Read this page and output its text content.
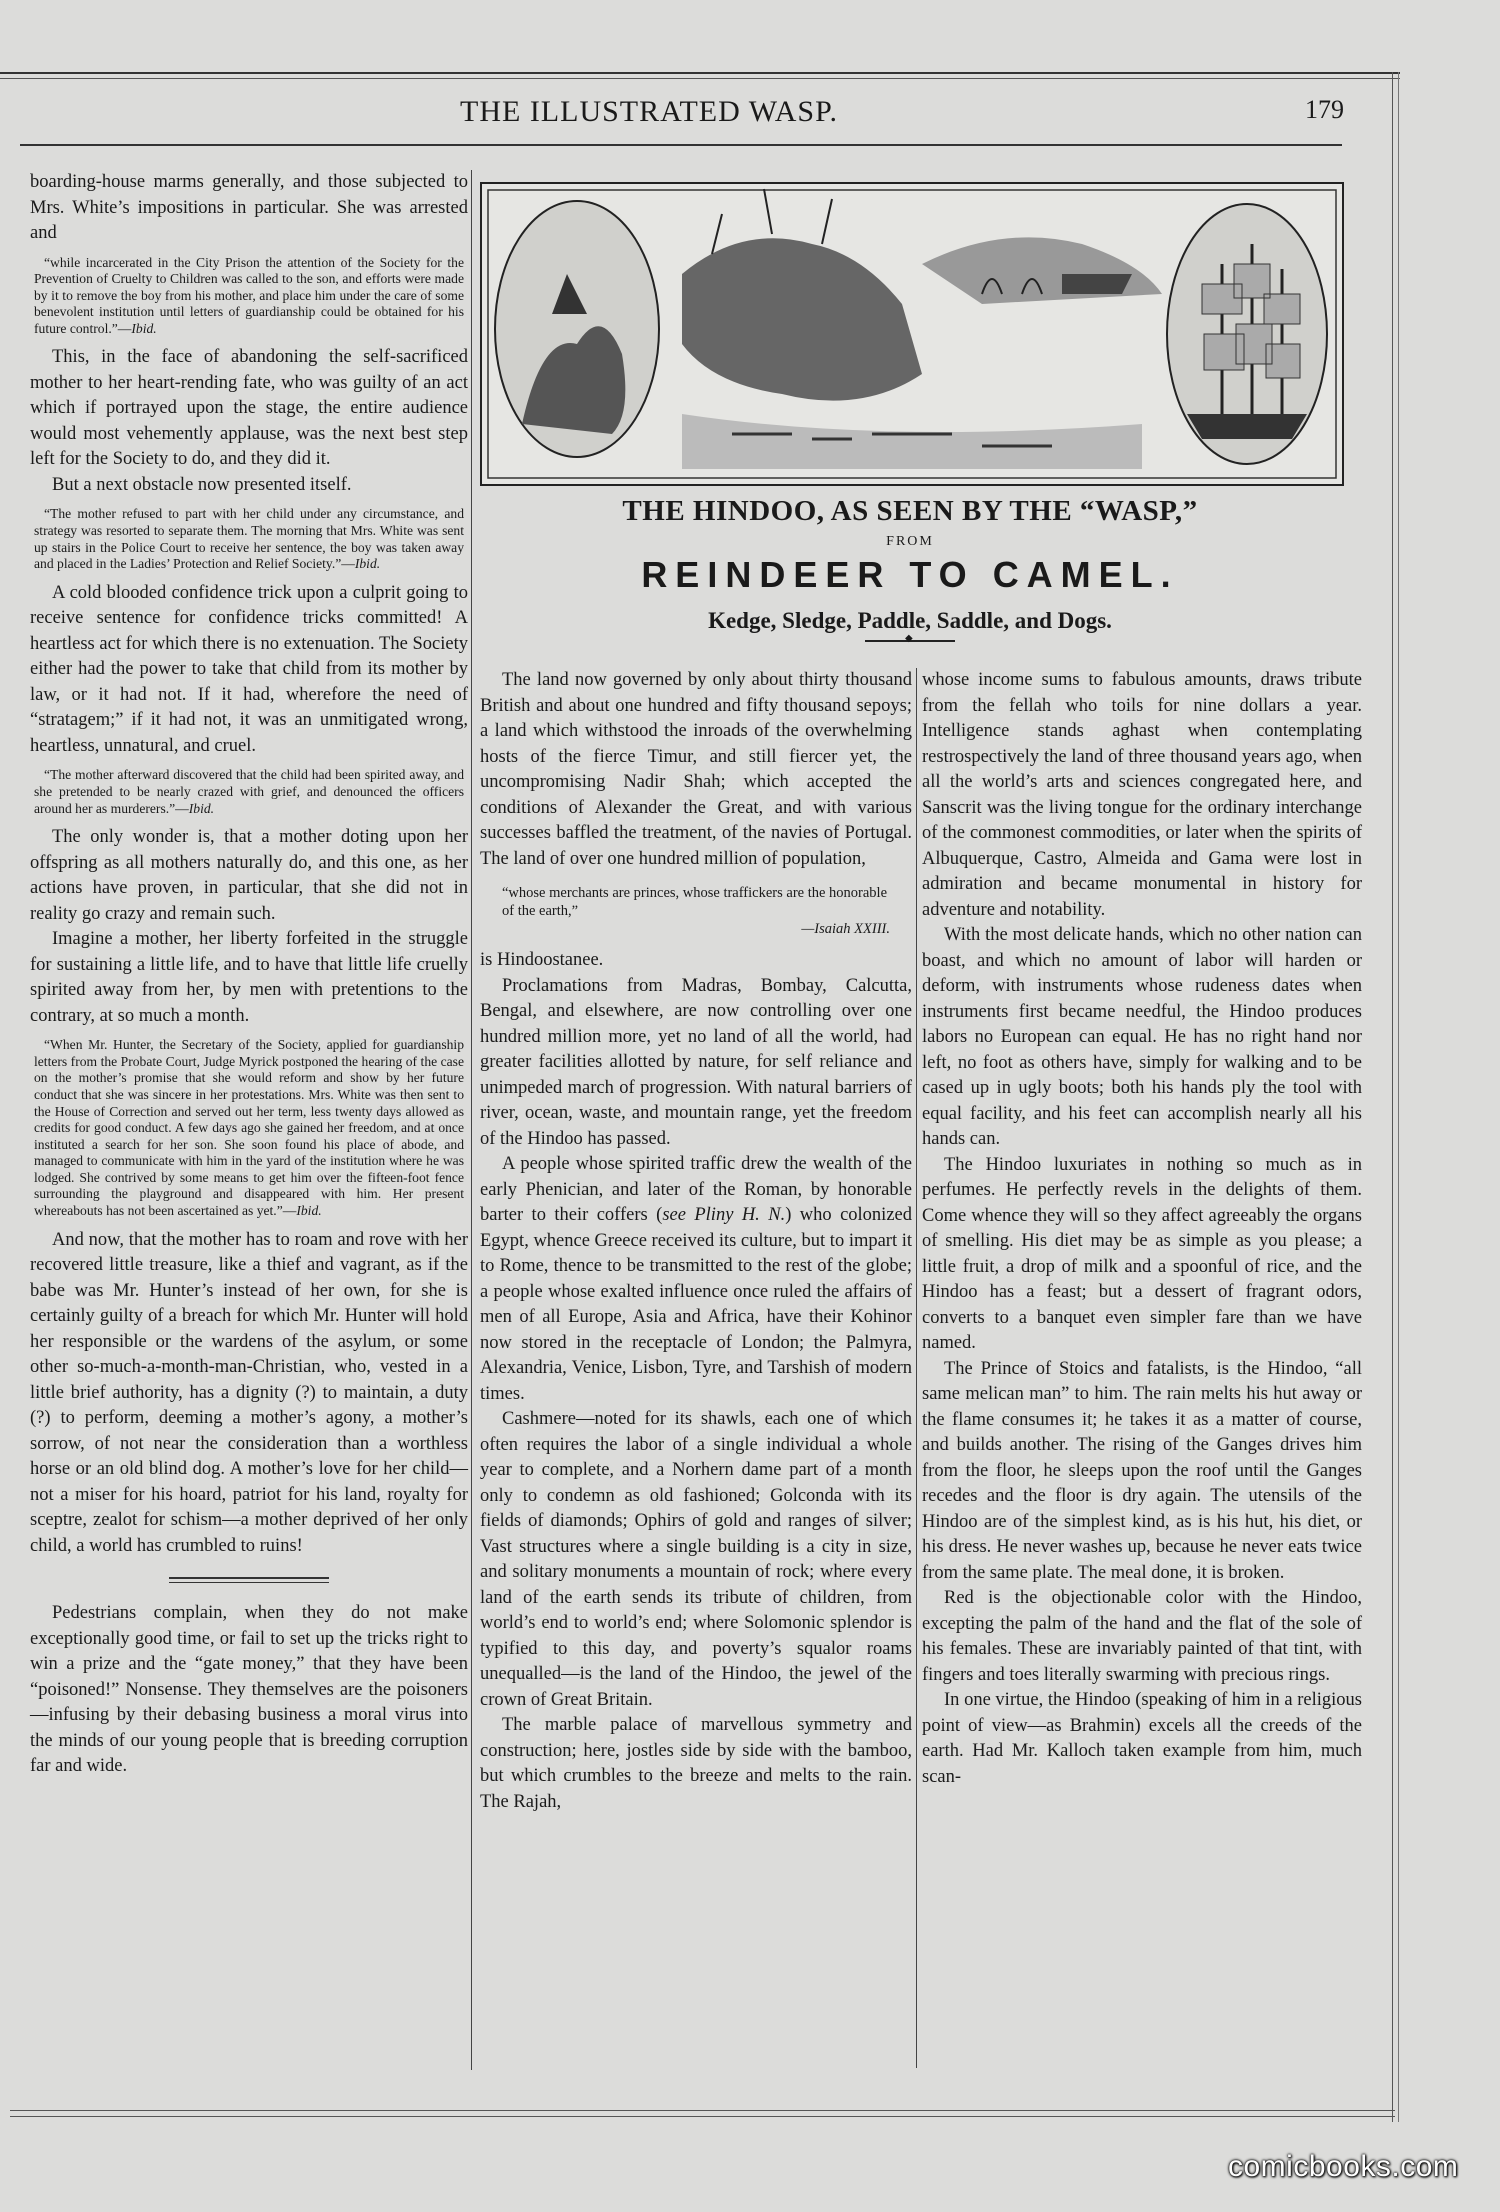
THE ILLUSTRATED WASP.	179

boarding-house marms generally, and those subjected to Mrs. White’s impositions in particular. She was arrested and

“while incarcerated in the City Prison the attention of the Society for the Prevention of Cruelty to Children was called to the son, and efforts were made by it to remove the boy from his mother, and place him under the care of some benevolent institution until letters of guardianship could be obtained for his future control.”—Ibid.

This, in the face of abandoning the self-sacrificed mother to her heart-rending fate, who was guilty of an act which if portrayed upon the stage, the entire audience would most vehemently applause, was the next best step left for the Society to do, and they did it.

But a next obstacle now presented itself.

“The mother refused to part with her child under any circumstance, and strategy was resorted to separate them. The morning that Mrs. White was sent up stairs in the Police Court to receive her sentence, the boy was taken away and placed in the Ladies’ Protection and Relief Society.”—Ibid.

A cold blooded confidence trick upon a culprit going to receive sentence for confidence tricks committed! A heartless act for which there is no extenuation. The Society either had the power to take that child from its mother by law, or it had not. If it had, wherefore the need of “stratagem;” if it had not, it was an unmitigated wrong, heartless, unnatural, and cruel.

“The mother afterward discovered that the child had been spirited away, and she pretended to be nearly crazed with grief, and denounced the officers around her as murderers.”—Ibid.

The only wonder is, that a mother doting upon her offspring as all mothers naturally do, and this one, as her actions have proven, in particular, that she did not in reality go crazy and remain such.

Imagine a mother, her liberty forfeited in the struggle for sustaining a little life, and to have that little life cruelly spirited away from her, by men with pretentions to the contrary, at so much a month.

“When Mr. Hunter, the Secretary of the Society, applied for guardianship letters from the Probate Court, Judge Myrick postponed the hearing of the case on the mother’s promise that she would reform and show by her future conduct that she was sincere in her protestations. Mrs. White was then sent to the House of Correction and served out her term, less twenty days allowed as credits for good conduct. A few days ago she gained her freedom, and at once instituted a search for her son. She soon found his place of abode, and managed to communicate with him in the yard of the institution where he was lodged. She contrived by some means to get him over the fifteen-foot fence surrounding the playground and disappeared with him. Her present whereabouts has not been ascertained as yet.”—Ibid.

And now, that the mother has to roam and rove with her recovered little treasure, like a thief and vagrant, as if the babe was Mr. Hunter’s instead of her own, for she is certainly guilty of a breach for which Mr. Hunter will hold her responsible or the wardens of the asylum, or some other so-much-a-month-man-Christian, who, vested in a little brief authority, has a dignity (?) to maintain, a duty (?) to perform, deeming a mother’s agony, a mother’s sorrow, of not near the consideration than a worthless horse or an old blind dog. A mother’s love for her child—not a miser for his hoard, patriot for his land, royalty for sceptre, zealot for schism—a mother deprived of her only child, a world has crumbled to ruins!

Pedestrians complain, when they do not make exceptionally good time, or fail to set up the tricks right to win a prize and the “gate money,” that they have been “poisoned!” Nonsense. They themselves are the poisoners—infusing by their debasing business a moral virus into the minds of our young people that is breeding corruption far and wide.

THE HINDOO, AS SEEN BY THE “WASP,”
FROM
REINDEER TO CAMEL.
Kedge, Sledge, Paddle, Saddle, and Dogs.
◆

The land now governed by only about thirty thousand British and about one hundred and fifty thousand sepoys; a land which withstood the inroads of the overwhelming hosts of the fierce Timur, and still fiercer yet, the uncompromising Nadir Shah; which accepted the conditions of Alexander the Great, and with various successes baffled the treatment, of the navies of Portugal. The land of over one hundred million of population,

“whose merchants are princes, whose traffickers are the honorable of the earth,”
—Isaiah XXIII.

is Hindoostanee.

Proclamations from Madras, Bombay, Calcutta, Bengal, and elsewhere, are now controlling over one hundred million more, yet no land of all the world, had greater facilities allotted by nature, for self reliance and unimpeded march of progression. With natural barriers of river, ocean, waste, and mountain range, yet the freedom of the Hindoo has passed.

A people whose spirited traffic drew the wealth of the early Phenician, and later of the Roman, by honorable barter to their coffers (see Pliny H. N.) who colonized Egypt, whence Greece received its culture, but to impart it to Rome, thence to be transmitted to the rest of the globe; a people whose exalted influence once ruled the affairs of men of all Europe, Asia and Africa, have their Kohinor now stored in the receptacle of London; the Palmyra, Alexandria, Venice, Lisbon, Tyre, and Tarshish of modern times.

Cashmere—noted for its shawls, each one of which often requires the labor of a single individual a whole year to complete, and a Norhern dame part of a month only to condemn as old fashioned; Golconda with its fields of diamonds; Ophirs of gold and ranges of silver; Vast structures where a single building is a city in size, and solitary monuments a mountain of rock; where every land of the earth sends its tribute of children, from world’s end to world’s end; where Solomonic splendor is typified to this day, and poverty’s squalor roams unequalled—is the land of the Hindoo, the jewel of the crown of Great Britain.

The marble palace of marvellous symmetry and construction; here, jostles side by side with the bamboo, but which crumbles to the breeze and melts to the rain. The Rajah,

whose income sums to fabulous amounts, draws tribute from the fellah who toils for nine dollars a year. Intelligence stands aghast when contemplating restrospectively the land of three thousand years ago, when all the world’s arts and sciences congregated here, and Sanscrit was the living tongue for the ordinary interchange of the commonest commodities, or later when the spirits of Albuquerque, Castro, Almeida and Gama were lost in admiration and became monumental in history for adventure and notability.

With the most delicate hands, which no other nation can boast, and which no amount of labor will harden or deform, with instruments whose rudeness dates when instruments first became needful, the Hindoo produces labors no European can equal. He has no right hand nor left, no foot as others have, simply for walking and to be cased up in ugly boots; both his hands ply the tool with equal facility, and his feet can accomplish nearly all his hands can.

The Hindoo luxuriates in nothing so much as in perfumes. He perfectly revels in the delights of them. Come whence they will so they affect agreeably the organs of smelling. His diet may be as simple as you please; a little fruit, a drop of milk and a spoonful of rice, and the Hindoo has a feast; but a dessert of fragrant odors, converts to a banquet even simpler fare than we have named.

The Prince of Stoics and fatalists, is the Hindoo, “all same melican man” to him. The rain melts his hut away or the flame consumes it; he takes it as a matter of course, and builds another. The rising of the Ganges drives him from the floor, he sleeps upon the roof until the Ganges recedes and the floor is dry again. The utensils of the Hindoo are of the simplest kind, as is his hut, his diet, or his dress. He never washes up, because he never eats twice from the same plate. The meal done, it is broken.

Red is the objectionable color with the Hindoo, excepting the palm of the hand and the flat of the sole of his females. These are invariably painted of that tint, with fingers and toes literally swarming with precious rings.

In one virtue, the Hindoo (speaking of him in a religious point of view—as Brahmin) excels all the creeds of the earth. Had Mr. Kalloch taken example from him, much scan-

comicbooks.com
